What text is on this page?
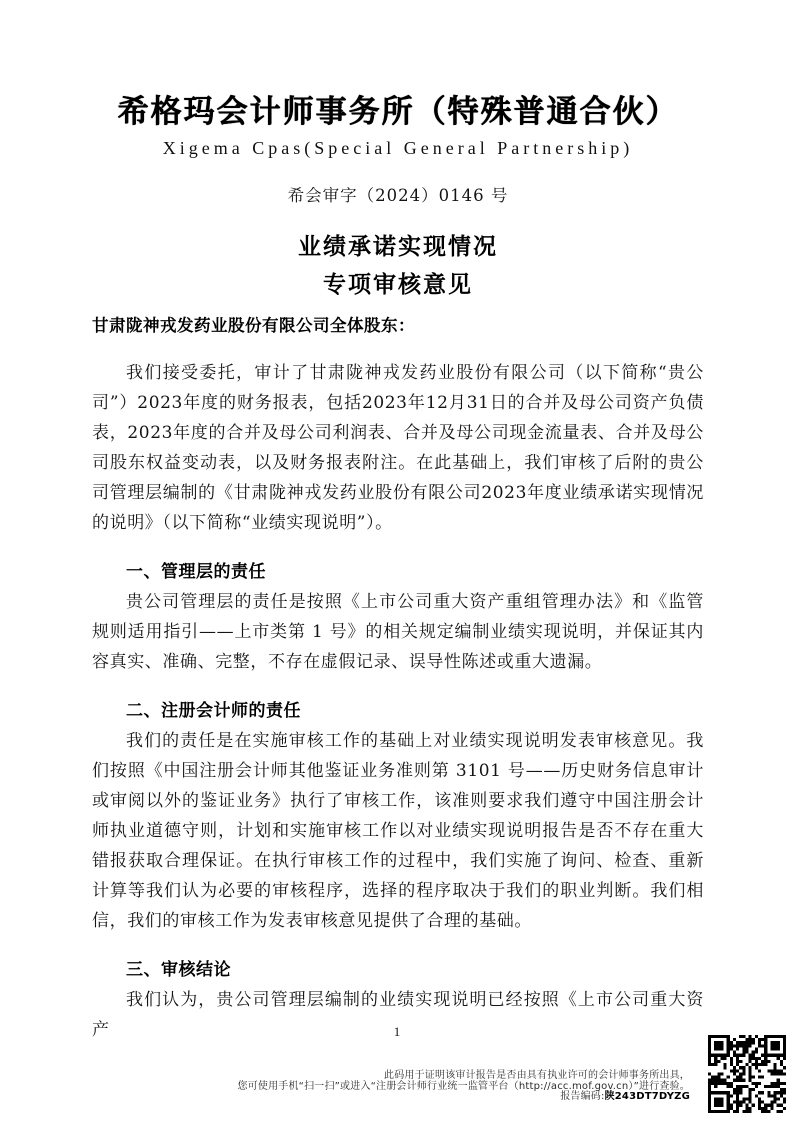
希格玛会计师事务所（特殊普通合伙）
Xigema Cpas(Special General Partnership)
希会审字（2024）0146 号
业绩承诺实现情况
专项审核意见
甘肃陇神戎发药业股份有限公司全体股东：

我们接受委托，审计了甘肃陇神戎发药业股份有限公司（以下简称“贵公司”）2023年度的财务报表，包括2023年12月31日的合并及母公司资产负债表，2023年度的合并及母公司利润表、合并及母公司现金流量表、合并及母公司股东权益变动表，以及财务报表附注。在此基础上，我们审核了后附的贵公司管理层编制的《甘肃陇神戎发药业股份有限公司2023年度业绩承诺实现情况的说明》（以下简称“业绩实现说明”）。

一、管理层的责任

贵公司管理层的责任是按照《上市公司重大资产重组管理办法》和《监管规则适用指引——上市类第 1 号》的相关规定编制业绩实现说明，并保证其内容真实、准确、完整，不存在虚假记录、误导性陈述或重大遗漏。

二、注册会计师的责任

我们的责任是在实施审核工作的基础上对业绩实现说明发表审核意见。我们按照《中国注册会计师其他鉴证业务准则第 3101 号——历史财务信息审计或审阅以外的鉴证业务》执行了审核工作，该准则要求我们遵守中国注册会计师执业道德守则，计划和实施审核工作以对业绩实现说明报告是否不存在重大错报获取合理保证。在执行审核工作的过程中，我们实施了询问、检查、重新计算等我们认为必要的审核程序，选择的程序取决于我们的职业判断。我们相信，我们的审核工作为发表审核意见提供了合理的基础。

三、审核结论

我们认为，贵公司管理层编制的业绩实现说明已经按照《上市公司重大资产	1
此码用于证明该审计报告是否由具有执业许可的会计师事务所出具，
您可使用手机“扫一扫”或进入“注册会计师行业统一监管平台（http://acc.mof.gov.cn）”进行查验。
报告编码:陕243DT7DYZG
